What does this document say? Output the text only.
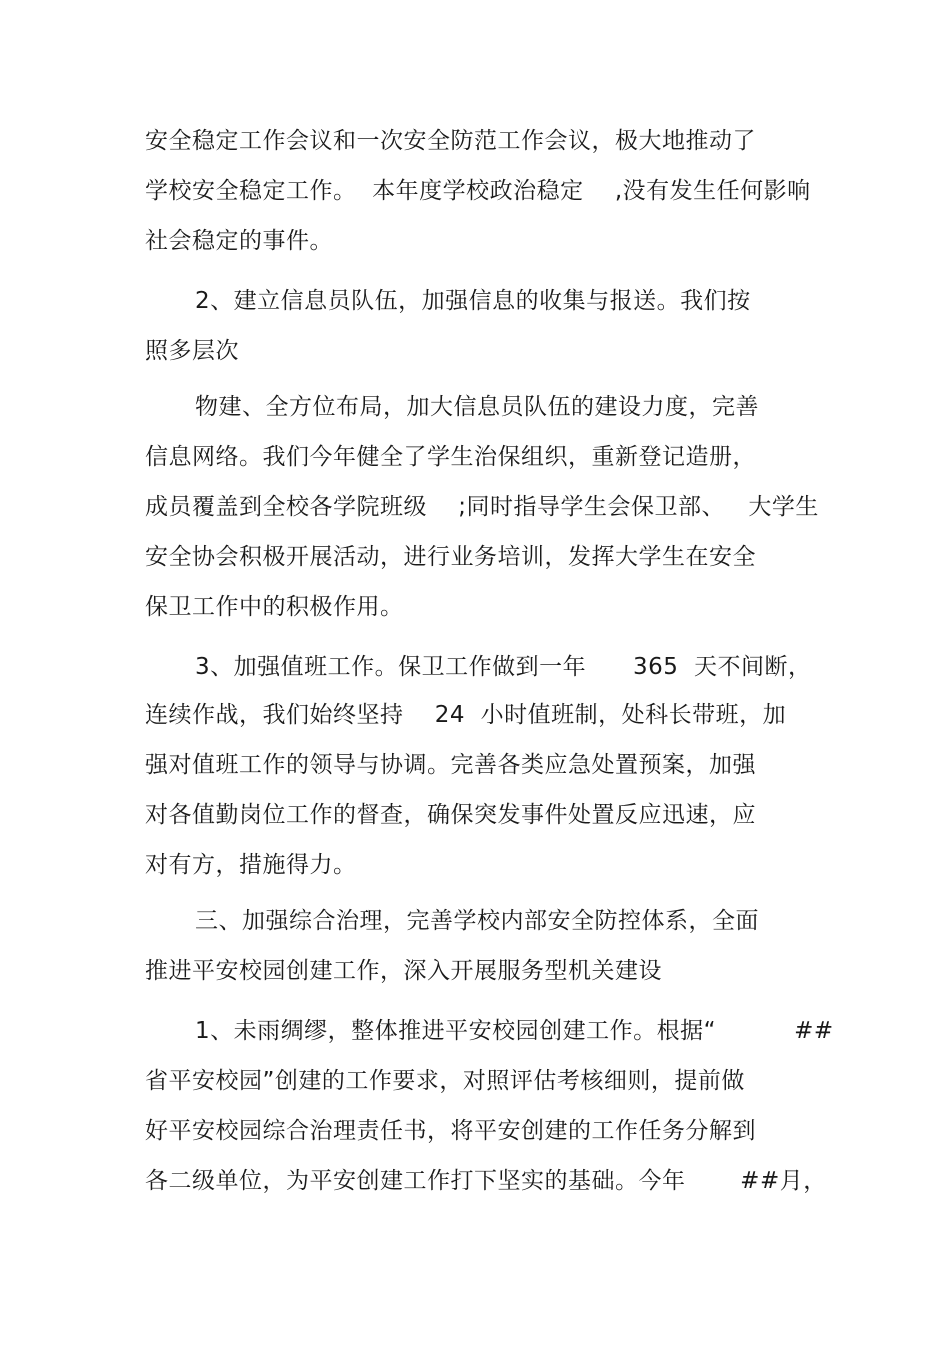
安全稳定工作会议和一次安全防范工作会议，极大地推动了
学校安全稳定工作。  本年度学校政治稳定    ,没有发生任何影响
社会稳定的事件。
2、建立信息员队伍，加强信息的收集与报送。我们按
照多层次
物建、全方位布局，加大信息员队伍的建设力度，完善
信息网络。我们今年健全了学生治保组织，重新登记造册，
成员覆盖到全校各学院班级    ;同时指导学生会保卫部、   大学生
安全协会积极开展活动，进行业务培训，发挥大学生在安全
保卫工作中的积极作用。
3、加强值班工作。保卫工作做到一年      365  天不间断，
连续作战，我们始终坚持    24  小时值班制，处科长带班，加
强对值班工作的领导与协调。完善各类应急处置预案，加强
对各值勤岗位工作的督查，确保突发事件处置反应迅速，应
对有方，措施得力。
三、加强综合治理，完善学校内部安全防控体系，全面
推进平安校园创建工作，深入开展服务型机关建设
1、未雨绸缪，整体推进平安校园创建工作。根据“          ##
省平安校园”创建的工作要求，对照评估考核细则，提前做
好平安校园综合治理责任书，将平安创建的工作任务分解到
各二级单位，为平安创建工作打下坚实的基础。今年       ##月，
